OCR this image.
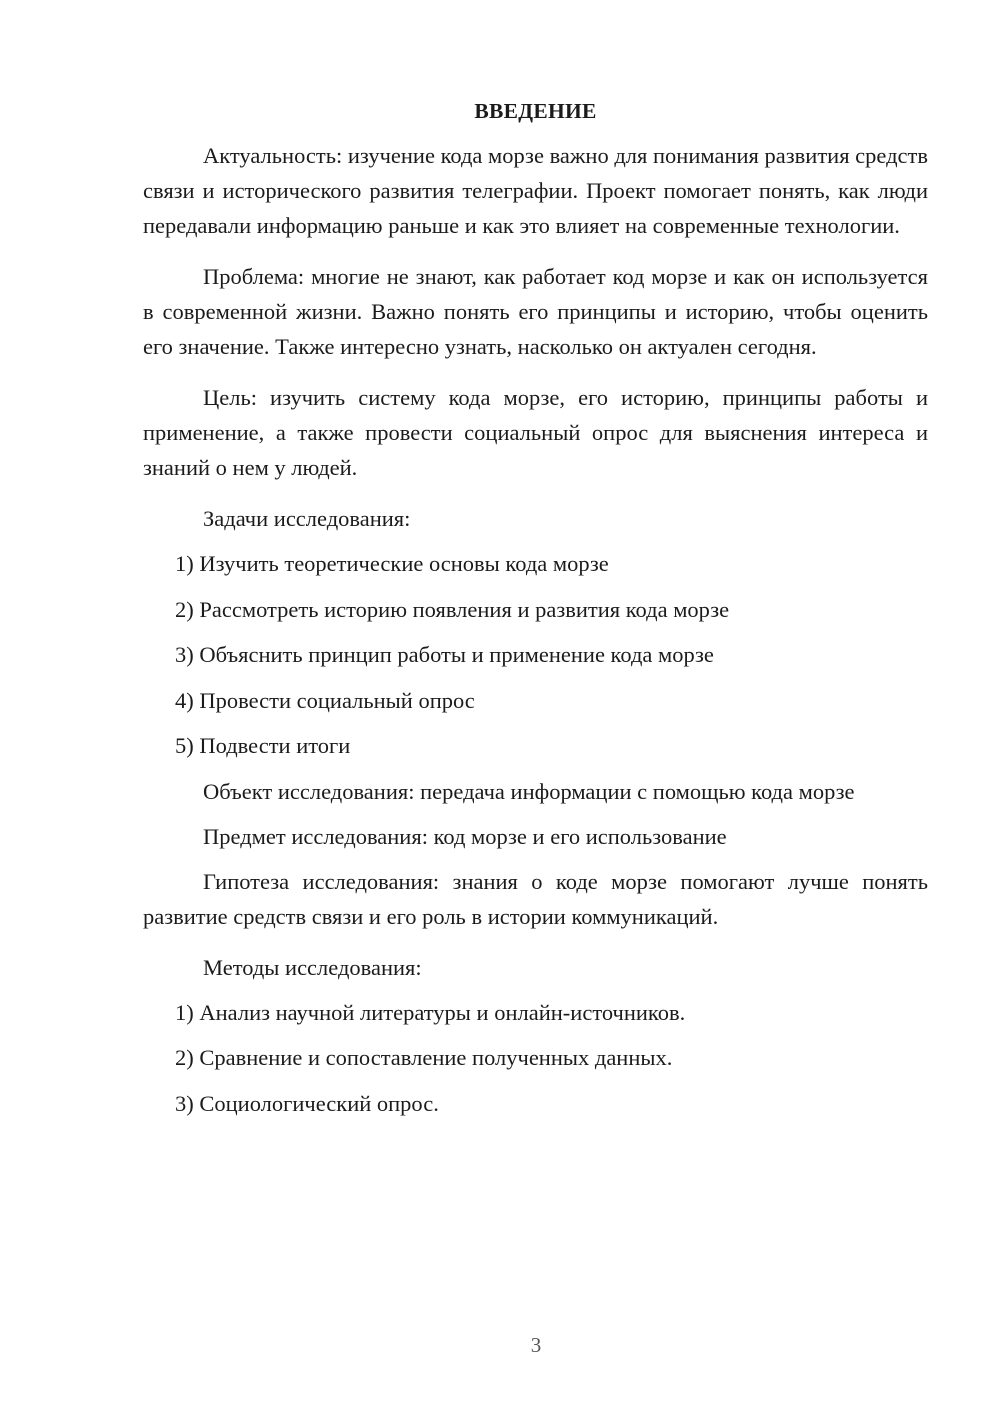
ВВЕДЕНИЕ

Актуальность: изучение кода морзе важно для понимания развития средств связи и исторического развития телеграфии. Проект помогает понять, как люди передавали информацию раньше и как это влияет на современные технологии.

Проблема: многие не знают, как работает код морзе и как он используется в современной жизни. Важно понять его принципы и историю, чтобы оценить его значение. Также интересно узнать, насколько он актуален сегодня.

Цель: изучить систему кода морзе, его историю, принципы работы и применение, а также провести социальный опрос для выяснения интереса и знаний о нем у людей.

Задачи исследования:

1) Изучить теоретические основы кода морзе
2) Рассмотреть историю появления и развития кода морзе
3) Объяснить принцип работы и применение кода морзе
4) Провести социальный опрос
5) Подвести итоги

Объект исследования: передача информации с помощью кода морзе

Предмет исследования: код морзе и его использование

Гипотеза исследования: знания о коде морзе помогают лучше понять развитие средств связи и его роль в истории коммуникаций.

Методы исследования:

1) Анализ научной литературы и онлайн-источников.
2) Сравнение и сопоставление полученных данных.
3) Социологический опрос.
3
